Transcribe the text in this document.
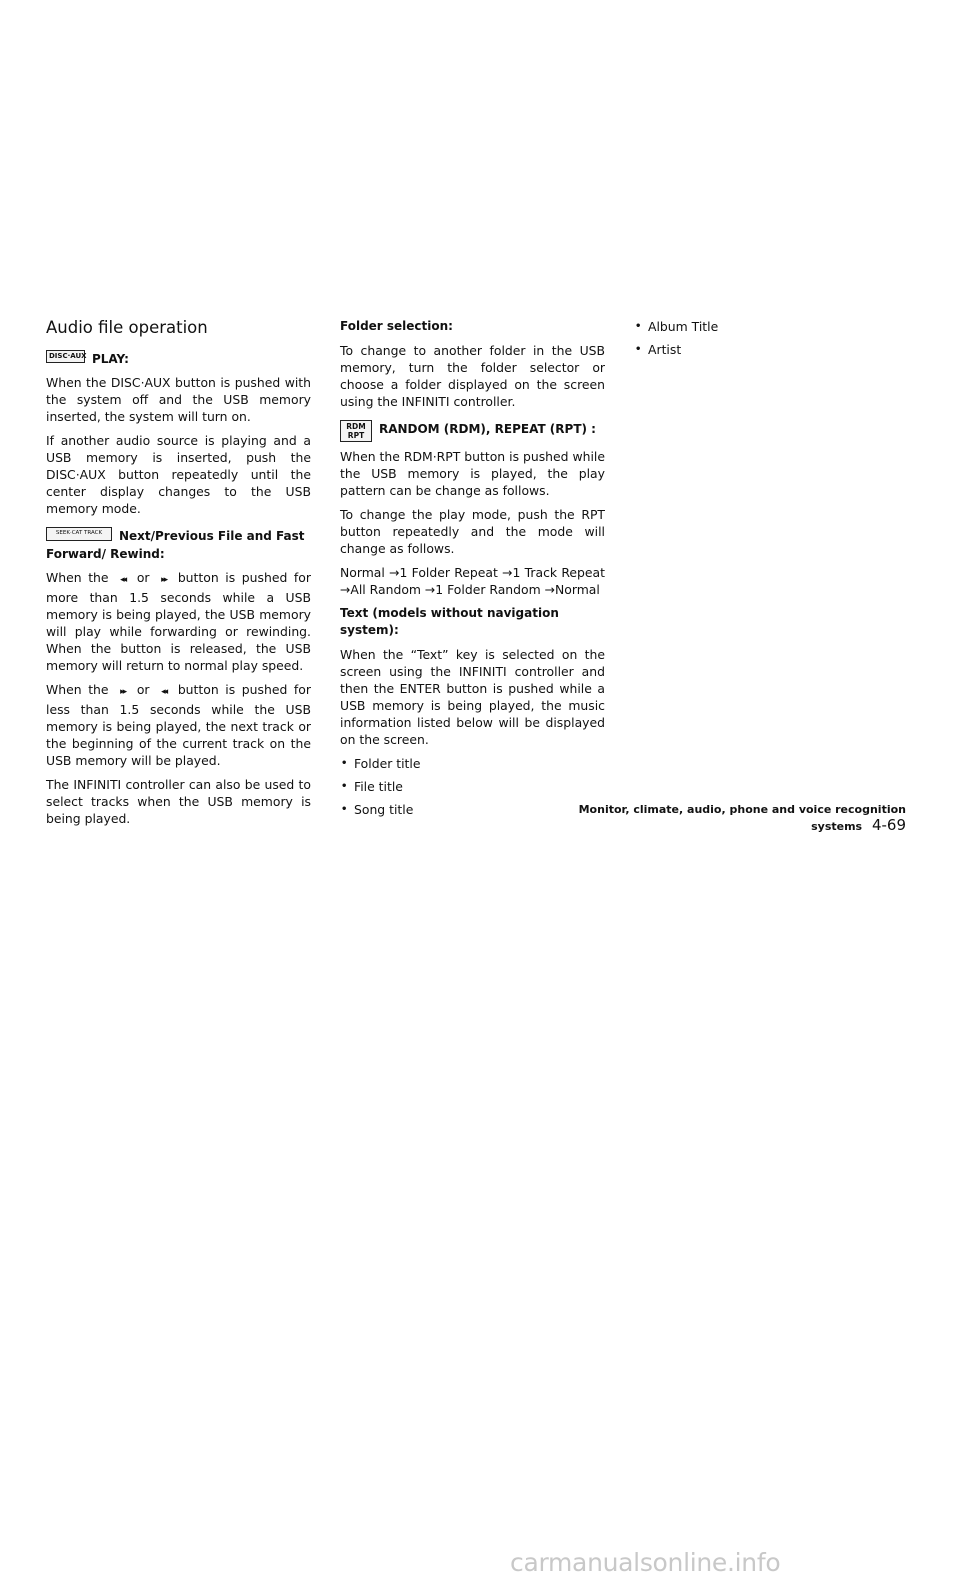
Audio file operation
DISC·AUX PLAY:

When the DISC·AUX button is pushed with the system off and the USB memory inserted, the system will turn on.

If another audio source is playing and a USB memory is inserted, push the DISC·AUX button repeatedly until the center display changes to the USB memory mode.

SEEK·CAT TRACK Next/Previous File and Fast Forward/ Rewind:

When the ◂◂ or ▸▸ button is pushed for more than 1.5 seconds while a USB memory is being played, the USB memory will play while forwarding or rewinding. When the button is released, the USB memory will return to normal play speed.

When the ▸▸ or ◂◂ button is pushed for less than 1.5 seconds while the USB memory is being played, the next track or the beginning of the current track on the USB memory will be played.

The INFINITI controller can also be used to select tracks when the USB memory is being played.

Folder selection:

To change to another folder in the USB memory, turn the folder selector or choose a folder displayed on the screen using the INFINITI controller.

RDM
RPT RANDOM (RDM), REPEAT (RPT) :

When the RDM·RPT button is pushed while the USB memory is played, the play pattern can be change as follows.

To change the play mode, push the RPT button repeatedly and the mode will change as follows.

Normal →1 Folder Repeat →1 Track Repeat →All Random →1 Folder Random →Normal

Text (models without navigation system):

When the “Text” key is selected on the screen using the INFINITI controller and then the ENTER button is pushed while a USB memory is being played, the music information listed below will be displayed on the screen.

• Folder title
• File title
• Song title
• Album Title
• Artist
Monitor, climate, audio, phone and voice recognition systems 4-69
carmanualsonline.info
